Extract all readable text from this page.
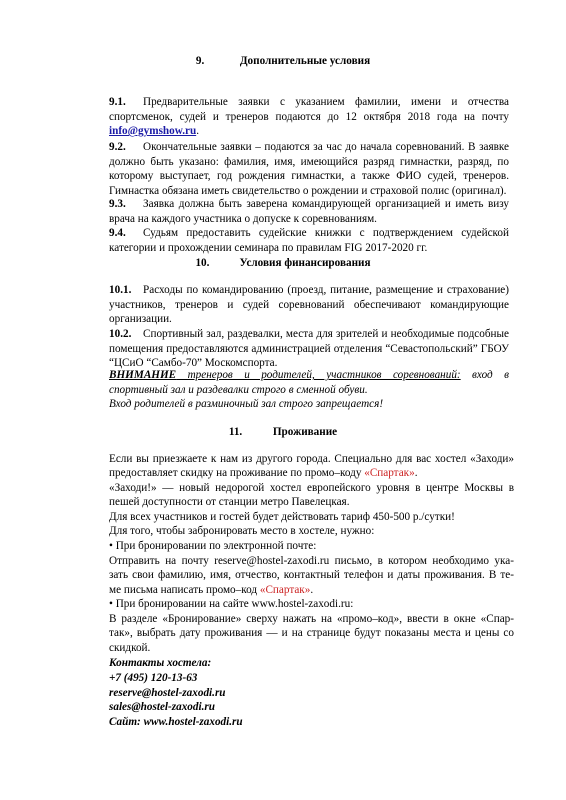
9.	Дополнительные условия
9.1. Предварительные заявки с указанием фамилии, имени и отчества спортсменок, судей и тренеров подаются до 12 октября 2018 года на почту info@gymshow.ru.
9.2. Окончательные заявки – подаются за час до начала соревнований. В заявке должно быть указано: фамилия, имя, имеющийся разряд гимнастки, разряд, по которому выступает, год рождения гимнастки, а также ФИО судей, тренеров. Гимнастка обязана иметь свидетельство о рождении и страховой полис (оригинал).
9.3. Заявка должна быть заверена командирующей организацией и иметь визу врача на каждого участника о допуске к соревнованиям.
9.4. Судьям предоставить судейские книжки с подтверждением судейской категории и прохождении семинара по правилам FIG 2017-2020 гг.
10.	Условия финансирования
10.1. Расходы по командированию (проезд, питание, размещение и страхование) участников, тренеров и судей соревнований обеспечивают командирующие организации.
10.2. Спортивный зал, раздевалки, места для зрителей и необходимые подсобные помещения предоставляются администрацией отделения “Севастопольский” ГБОУ “ЦСиО “Самбо-70” Москомспорта.
ВНИМАНИЕ тренеров и родителей, участников соревнований: вход в спортивный зал и раздевалки строго в сменной обуви.
Вход родителей в разминочный зал строго запрещается!
11.	Проживание
Если вы приезжаете к нам из другого города. Специально для вас хостел «Заходи»
предоставляет скидку на проживание по промо–коду «Спартак».
«Заходи!» — новый недорогой хостел европейского уровня в центре Москвы в
пешей доступности от станции метро Павелецкая.
Для всех участников и гостей будет действовать тариф 450-500 р./сутки!
Для того, чтобы забронировать место в хостеле, нужно:
• При бронировании по электронной почте:
Отправить на почту reserve@hostel-zaxodi.ru письмо, в котором необходимо ука-
зать свои фамилию, имя, отчество, контактный телефон и даты проживания. В те-
ме письма написать промо–код «Спартак».
• При бронировании на сайте www.hostel-zaxodi.ru:
В разделе «Бронирование» сверху нажать на «промо–код», ввести в окне «Спар-
так», выбрать дату проживания — и на странице будут показаны места и цены со
скидкой.
Контакты хостела:
+7 (495) 120-13-63
reserve@hostel-zaxodi.ru
sales@hostel-zaxodi.ru
Сайт: www.hostel-zaxodi.ru
